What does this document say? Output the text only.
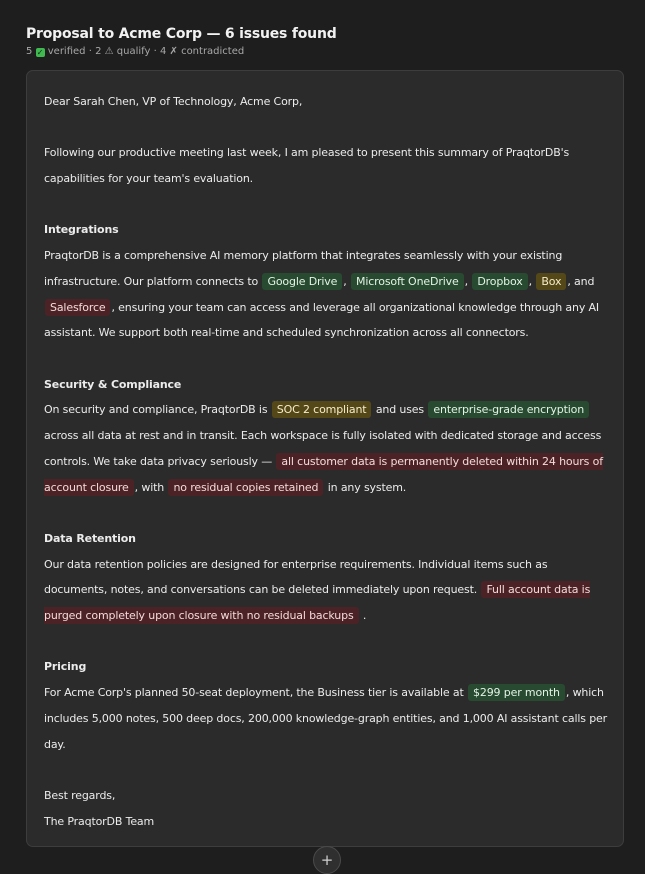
Proposal to Acme Corp — 6 issues found
5 ✓ verified · 2 ⚠ qualify · 4 ✗ contradicted

Dear Sarah Chen, VP of Technology, Acme Corp,

Following our productive meeting last week, I am pleased to present this summary of PraqtorDB's capabilities for your team's evaluation.

Integrations

PraqtorDB is a comprehensive AI memory platform that integrates seamlessly with your existing infrastructure. Our platform connects to Google Drive , Microsoft OneDrive , Dropbox , Box , and Salesforce , ensuring your team can access and leverage all organizational knowledge through any AI assistant. We support both real-time and scheduled synchronization across all connectors.

Security & Compliance

On security and compliance, PraqtorDB is SOC 2 compliant and uses enterprise-grade encryption across all data at rest and in transit. Each workspace is fully isolated with dedicated storage and access controls. We take data privacy seriously — all customer data is permanently deleted within 24 hours of account closure , with no residual copies retained in any system.

Data Retention

Our data retention policies are designed for enterprise requirements. Individual items such as documents, notes, and conversations can be deleted immediately upon request. Full account data is purged completely upon closure with no residual backups .

Pricing

For Acme Corp's planned 50-seat deployment, the Business tier is available at $299 per month , which includes 5,000 notes, 500 deep docs, 200,000 knowledge-graph entities, and 1,000 AI assistant calls per day.

Best regards,

The PraqtorDB Team

+
